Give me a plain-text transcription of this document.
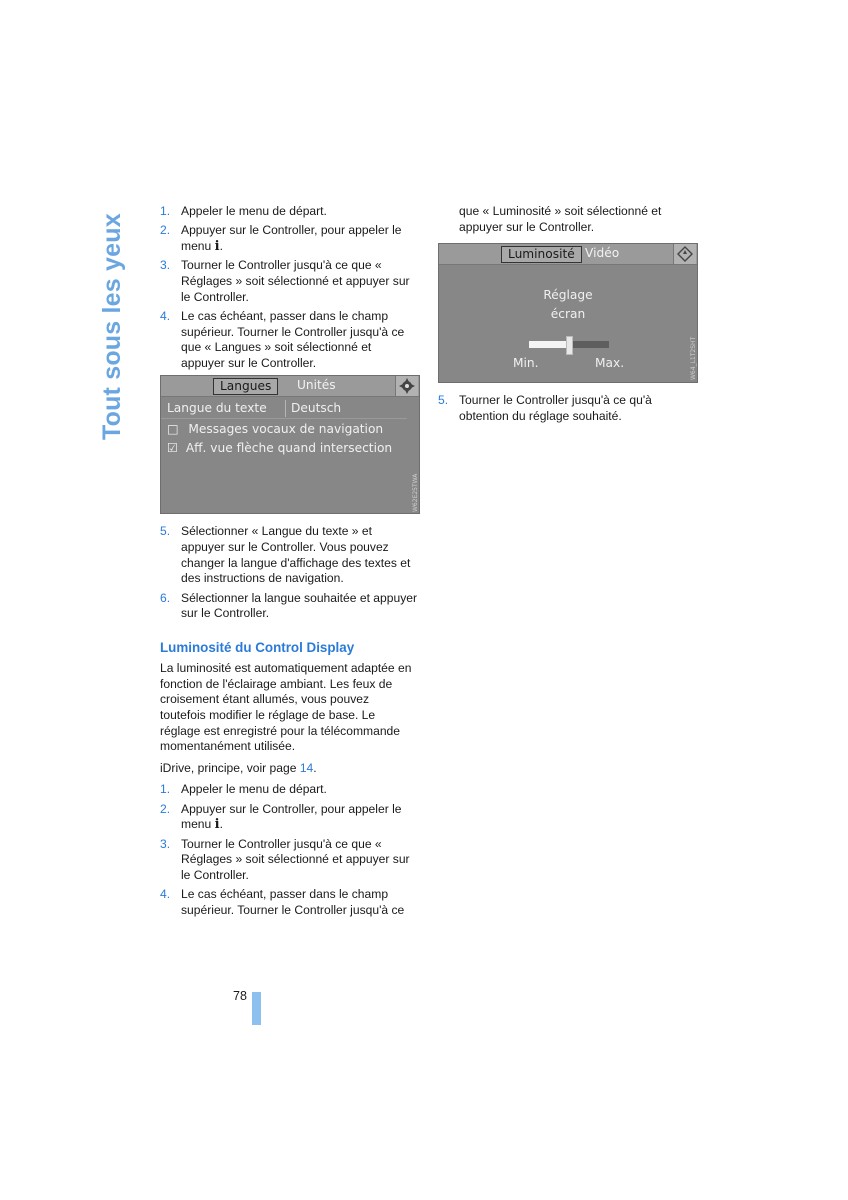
Tout sous les yeux
1. Appeler le menu de départ.
2. Appuyer sur le Controller, pour appeler le menu i.
3. Tourner le Controller jusqu'à ce que « Réglages » soit sélectionné et appuyer sur le Controller.
4. Le cas échéant, passer dans le champ supérieur. Tourner le Controller jusqu'à ce que « Langues » soit sélectionné et appuyer sur le Controller.
Langues	Unités
Langue du texte Deutsch
□ Messages vocaux de navigation
☑ Aff. vue flèche quand intersection
W62E25TWA
5. Sélectionner « Langue du texte » et appuyer sur le Controller. Vous pouvez changer la langue d'affichage des textes et des instructions de navigation.
6. Sélectionner la langue souhaitée et appuyer sur le Controller.
Luminosité du Control Display

La luminosité est automatiquement adaptée en fonction de l'éclairage ambiant. Les feux de croisement étant allumés, vous pouvez toutefois modifier le réglage de base. Le réglage est enregistré pour la télécommande momentanément utilisée.

iDrive, principe, voir page 14.

1. Appeler le menu de départ.
2. Appuyer sur le Controller, pour appeler le menu i.
3. Tourner le Controller jusqu'à ce que « Réglages » soit sélectionné et appuyer sur le Controller.
4. Le cas échéant, passer dans le champ supérieur. Tourner le Controller jusqu'à ce
que « Luminosité » soit sélectionné et appuyer sur le Controller.
Luminosité Vidéo
Réglage
écran
Min.	Max.	W64_L1T2SHT
5. Tourner le Controller jusqu'à ce qu'à obtention du réglage souhaité.
78
